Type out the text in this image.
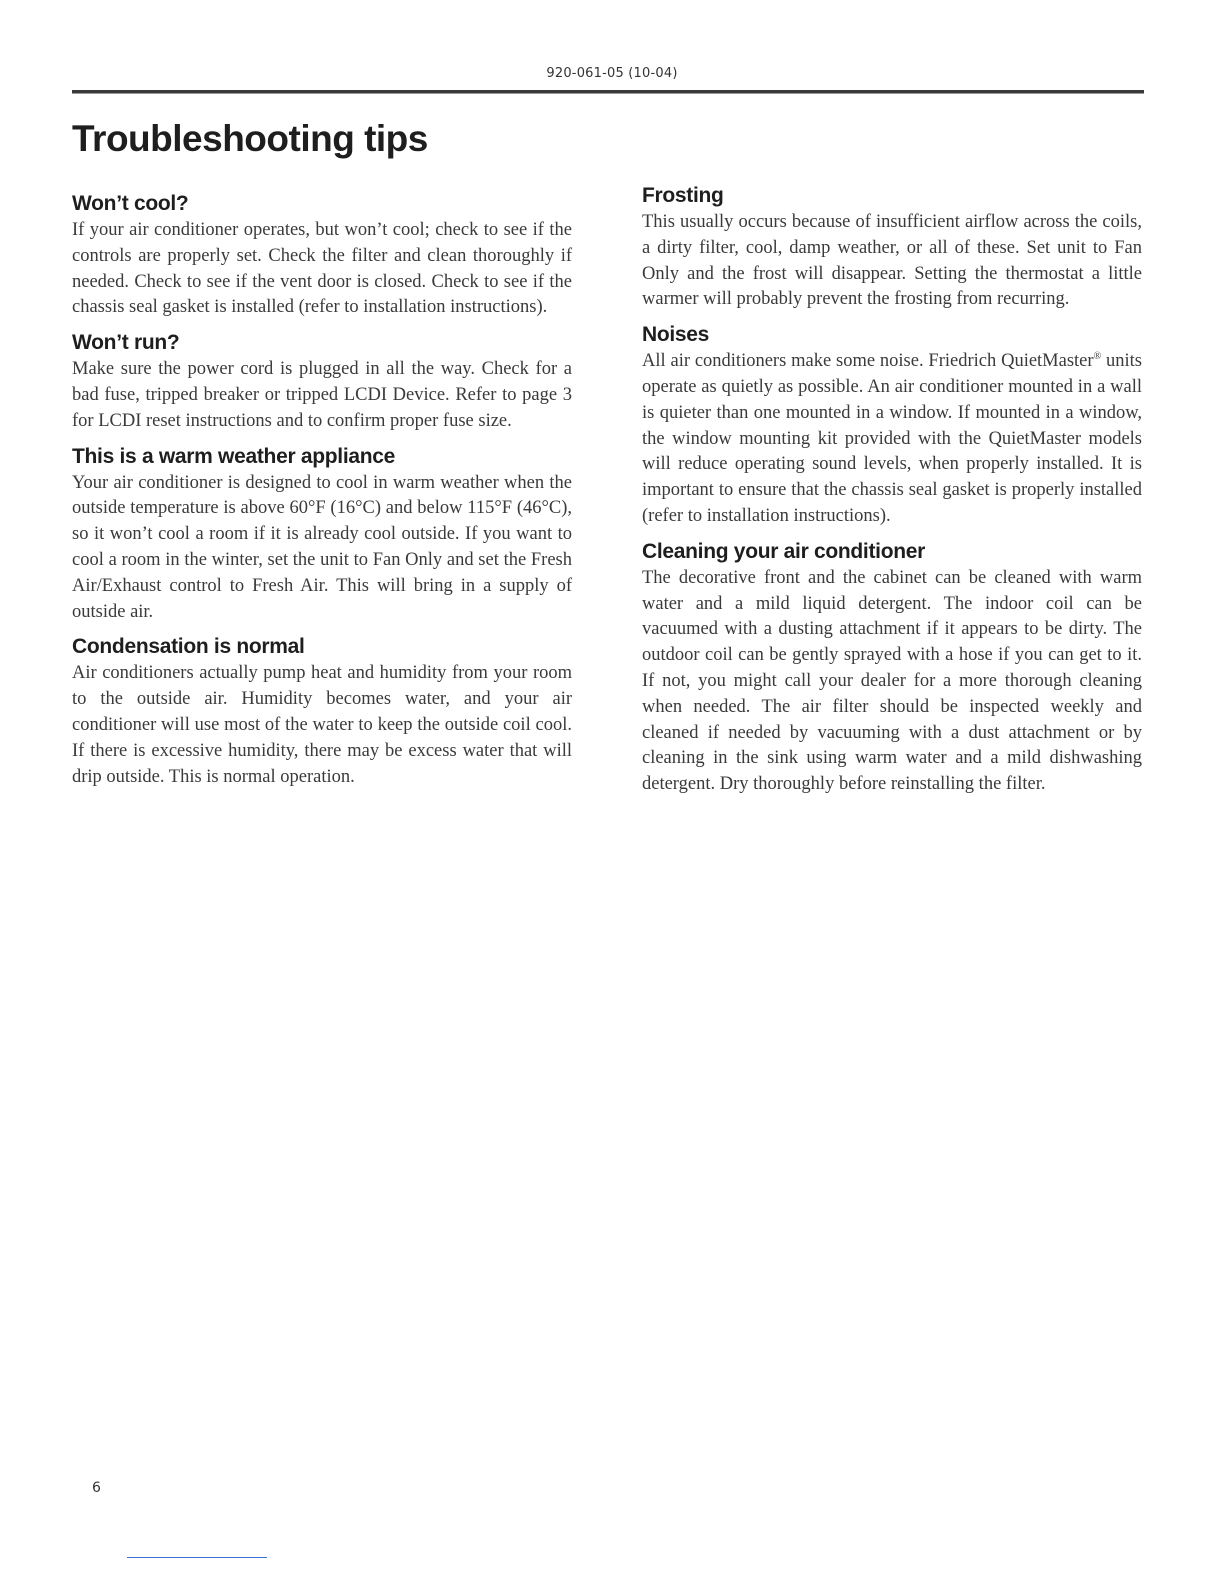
920-061-05 (10-04)
Troubleshooting tips
Won’t cool?

If your air conditioner operates, but won’t cool; check to see if the controls are properly set. Check the filter and clean thoroughly if needed. Check to see if the vent door is closed. Check to see if the chassis seal gasket is installed (refer to installation instructions).

Won’t run?

Make sure the power cord is plugged in all the way. Check for a bad fuse, tripped breaker or tripped LCDI Device. Refer to page 3 for LCDI reset instructions and to confirm proper fuse size.

This is a warm weather appliance

Your air conditioner is designed to cool in warm weather when the outside temperature is above 60°F (16°C) and below 115°F (46°C), so it won’t cool a room if it is already cool outside. If you want to cool a room in the winter, set the unit to Fan Only and set the Fresh Air/Exhaust control to Fresh Air. This will bring in a supply of outside air.

Condensation is normal

Air conditioners actually pump heat and humidity from your room to the outside air. Humidity becomes water, and your air conditioner will use most of the water to keep the outside coil cool. If there is excessive humidity, there may be excess water that will drip outside. This is normal operation.

Frosting

This usually occurs because of insufficient airflow across the coils, a dirty filter, cool, damp weather, or all of these. Set unit to Fan Only and the frost will disappear. Setting the thermostat a little warmer will probably prevent the frosting from recurring.

Noises

All air conditioners make some noise. Friedrich QuietMaster® units operate as quietly as possible. An air conditioner mounted in a wall is quieter than one mounted in a window. If mounted in a window, the window mounting kit provided with the QuietMaster models will reduce operating sound levels, when properly installed. It is important to ensure that the chassis seal gasket is properly installed (refer to installation instructions).

Cleaning your air conditioner

The decorative front and the cabinet can be cleaned with warm water and a mild liquid detergent. The indoor coil can be vacuumed with a dusting attachment if it appears to be dirty. The outdoor coil can be gently sprayed with a hose if you can get to it. If not, you might call your dealer for a more thorough cleaning when needed. The air filter should be inspected weekly and cleaned if needed by vacuuming with a dust attachment or by cleaning in the sink using warm water and a mild dishwashing detergent. Dry thoroughly before reinstalling the filter.

6
